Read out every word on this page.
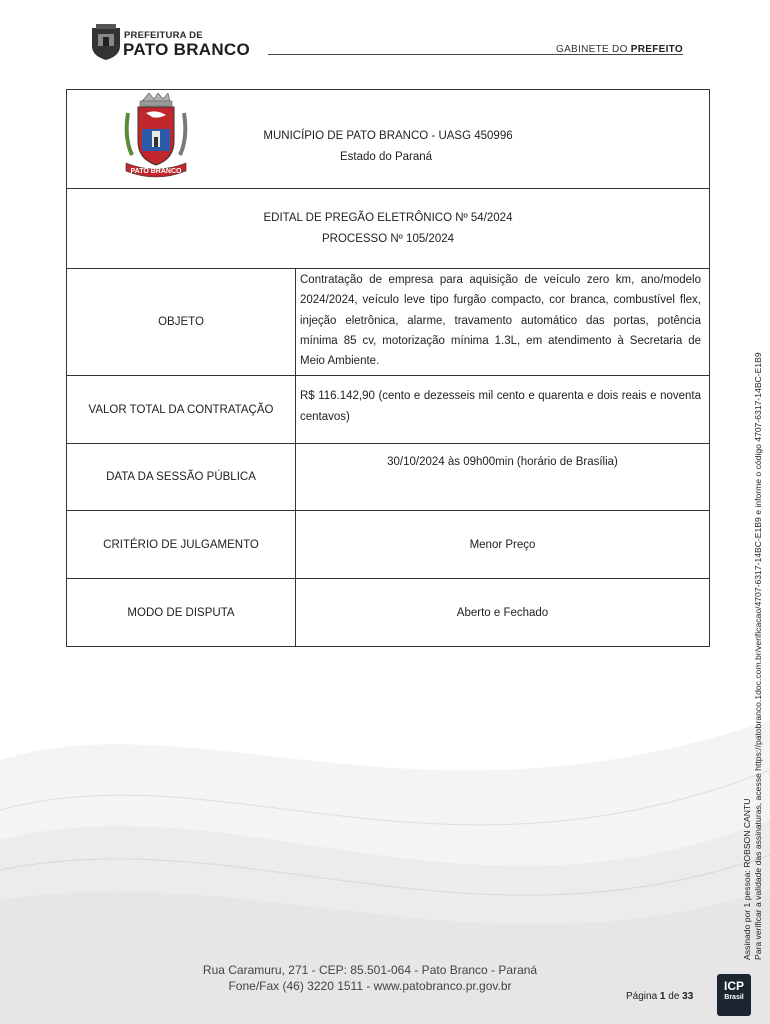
PREFEITURA DE
PATO BRANCO	GABINETE DO PREFEITO
PATO BRANCO
MUNICÍPIO DE PATO BRANCO - UASG 450996
Estado do Paraná	

EDITAL DE PREGÃO ELETRÔNICO Nº 54/2024
PROCESSO Nº 105/2024	

OBJETO	Contratação de empresa para aquisição de veículo zero km, ano/modelo 2024/2024, veículo leve tipo furgão compacto, cor branca, combustível flex, injeção eletrônica, alarme, travamento automático das portas, potência mínima 85 cv, motorização mínima 1.3L, em atendimento à Secretaria de Meio Ambiente.
VALOR TOTAL DA CONTRATAÇÃO	R$ 116.142,90 (cento e dezesseis mil cento e quarenta e dois reais e noventa centavos)
DATA DA SESSÃO PÚBLICA	30/10/2024 às 09h00min (horário de Brasília)
CRITÉRIO DE JULGAMENTO	Menor Preço
MODO DE DISPUTA	Aberto e Fechado
Assinado por 1 pessoa: ROBSON CANTU Para verificar a validade das assinaturas, acesse https://patobranco.1doc.com.br/verificacao/4707-6317-14BC-E1B9 e informe o código 4707-6317-14BC-E1B9
Rua Caramuru, 271 - CEP: 85.501-064 - Pato Branco - Paraná
Fone/Fax (46) 3220 1511 - www.patobranco.pr.gov.br
Página 1 de 33
ICP
Brasil
